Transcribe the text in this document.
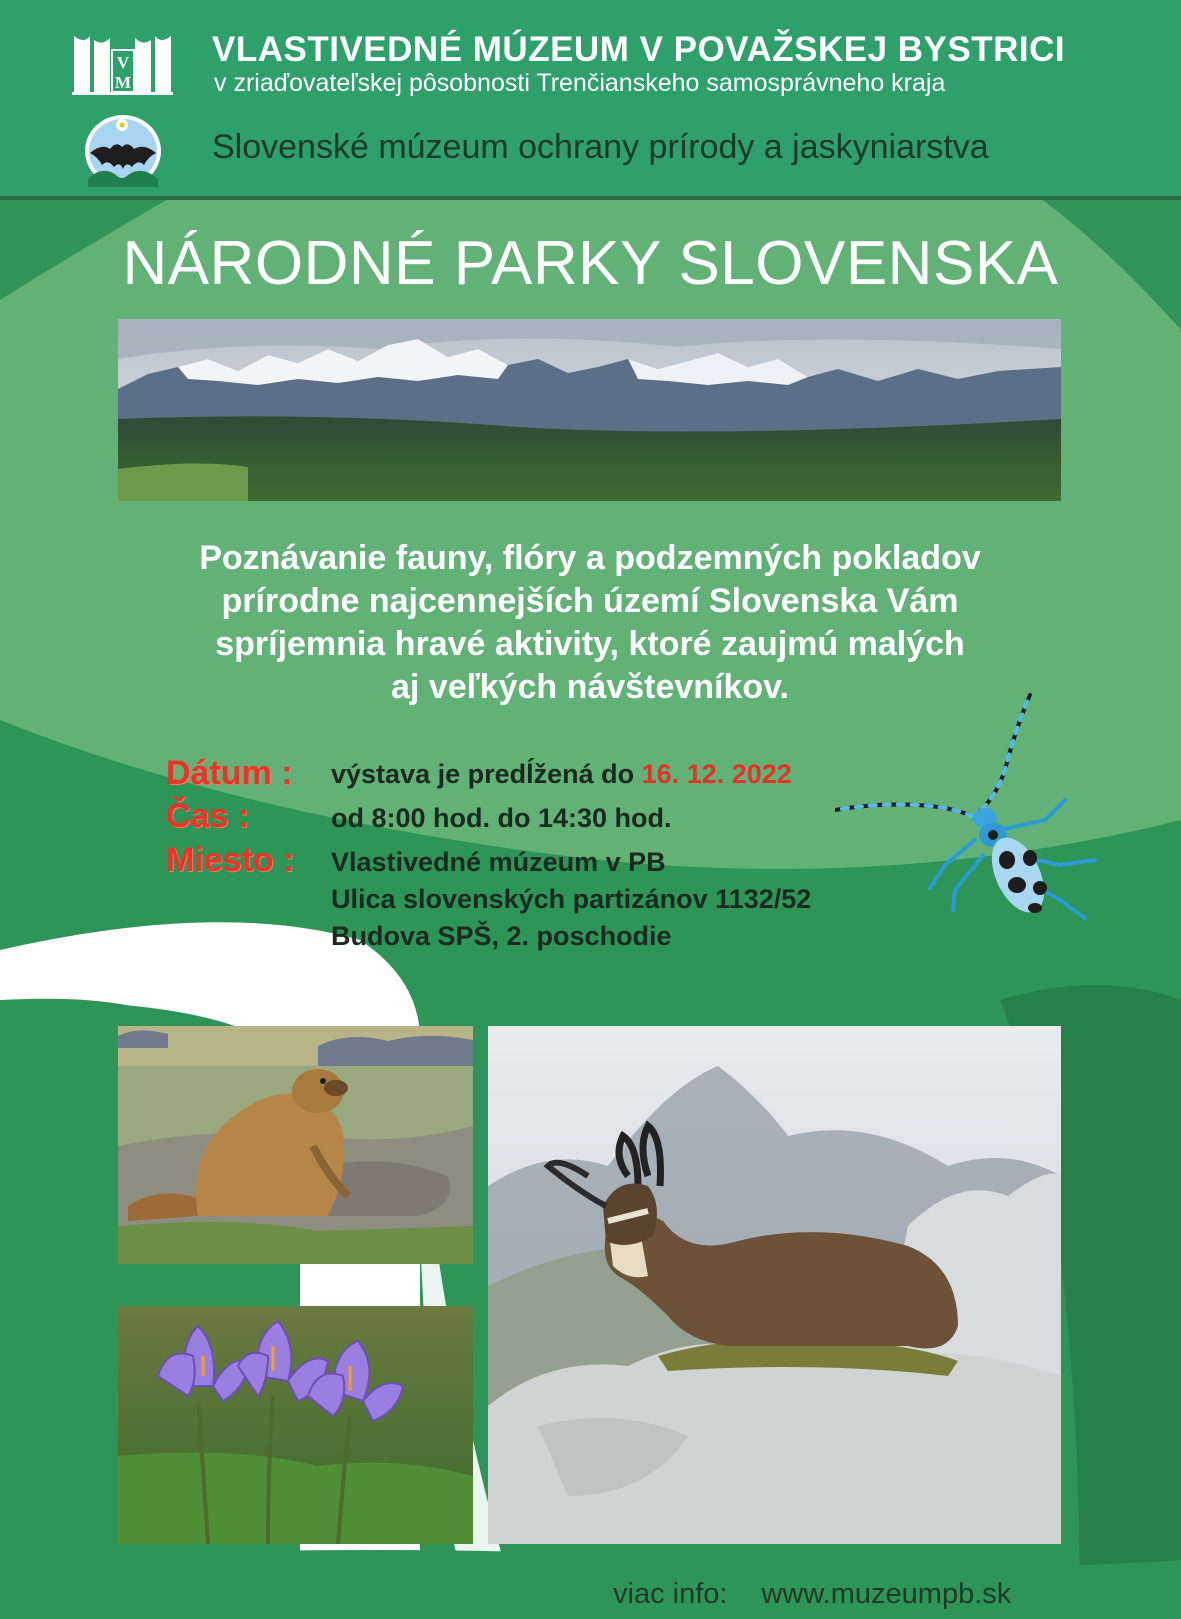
V
M
VLASTIVEDNÉ MÚZEUM V POVAŽSKEJ BYSTRICI
v zriaďovateľskej pôsobnosti Trenčianskeho samosprávneho kraja
Slovenské múzeum ochrany prírody a jaskyniarstva
NÁRODNÉ PARKY SLOVENSKA
Poznávanie fauny, flóry a podzemných pokladov
prírodne najcennejších území Slovenska Vám
spríjemnia hravé aktivity, ktoré zaujmú malých
aj veľkých návštevníkov.
Dátum : výstava je predĺžená do 16. 12. 2022
Čas :	od 8:00 hod. do 14:30 hod.
Miesto : Vlastivedné múzeum v PB
Ulica slovenských partizánov 1132/52
Budova SPŠ, 2. poschodie
viac info: www.muzeumpb.sk
